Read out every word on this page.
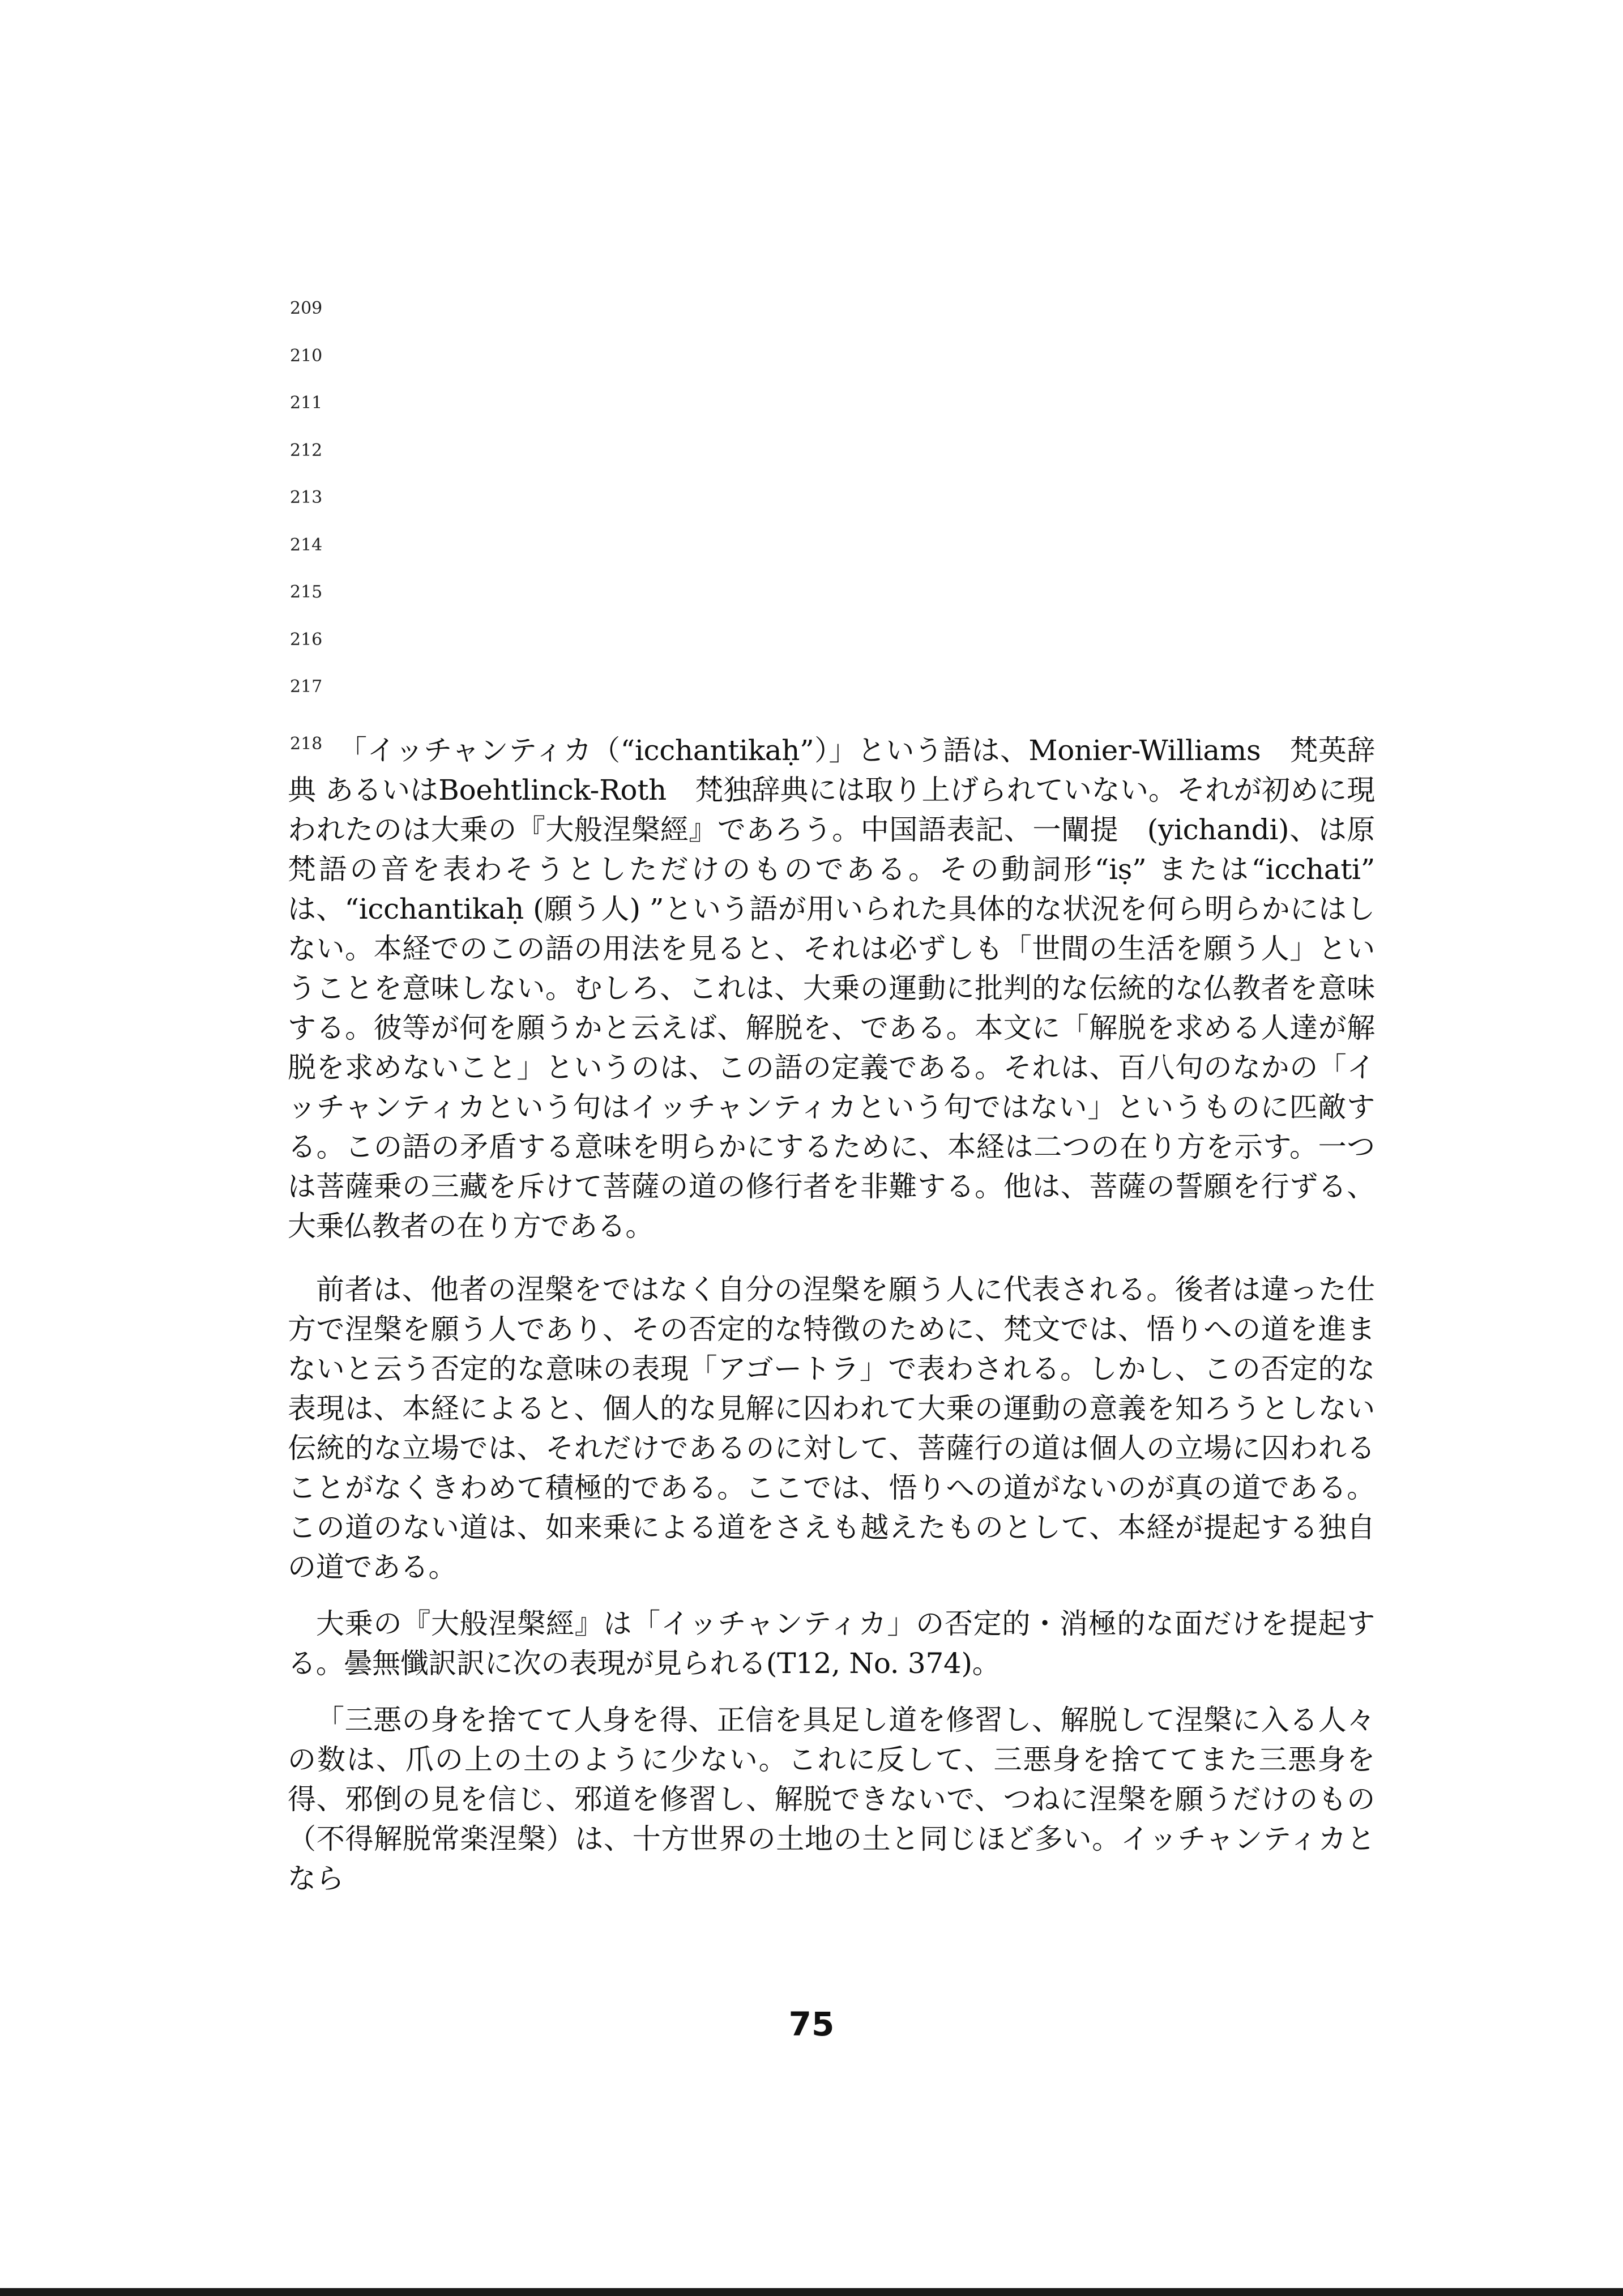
209
210
211
212
213
214
215
216
217
218 「イッチャンティカ（“icchantikaḥ”）」という語は、Monier-Williams　梵英辞典 あるいはBoehtlinck-Roth　梵独辞典には取り上げられていない。それが初めに現われたのは大乗の『大般涅槃經』であろう。中国語表記、一闡提　(yichandi)、は原梵語の音を表わそうとしただけのものである。その動詞形“iṣ” または“icchati” は、“icchantikaḥ (願う人) ”という語が用いられた具体的な状況を何ら明らかにはしない。本経でのこの語の用法を見ると、それは必ずしも「世間の生活を願う人」ということを意味しない。むしろ、これは、大乗の運動に批判的な伝統的な仏教者を意味する。彼等が何を願うかと云えば、解脱を、である。本文に「解脱を求める人達が解脱を求めないこと」というのは、この語の定義である。それは、百八句のなかの「イッチャンティカという句はイッチャンティカという句ではない」というものに匹敵する。この語の矛盾する意味を明らかにするために、本経は二つの在り方を示す。一つは菩薩乗の三藏を斥けて菩薩の道の修行者を非難する。他は、菩薩の誓願を行ずる、大乗仏教者の在り方である。

前者は、他者の涅槃をではなく自分の涅槃を願う人に代表される。後者は違った仕方で涅槃を願う人であり、その否定的な特徴のために、梵文では、悟りへの道を進まないと云う否定的な意味の表現「アゴートラ」で表わされる。しかし、この否定的な表現は、本経によると、個人的な見解に囚われて大乗の運動の意義を知ろうとしない伝統的な立場では、それだけであるのに対して、菩薩行の道は個人の立場に囚われることがなくきわめて積極的である。ここでは、悟りへの道がないのが真の道である。この道のない道は、如来乗による道をさえも越えたものとして、本経が提起する独自の道である。

大乗の『大般涅槃經』は「イッチャンティカ」の否定的・消極的な面だけを提起する。曇無懺訳訳に次の表現が見られる(T12, No. 374)。

「三悪の身を捨てて人身を得、正信を具足し道を修習し、解脱して涅槃に入る人々の数は、爪の上の土のように少ない。これに反して、三悪身を捨ててまた三悪身を得、邪倒の見を信じ、邪道を修習し、解脱できないで、つねに涅槃を願うだけのもの（不得解脱常楽涅槃）は、十方世界の土地の土と同じほど多い。イッチャンティカとなら

75
